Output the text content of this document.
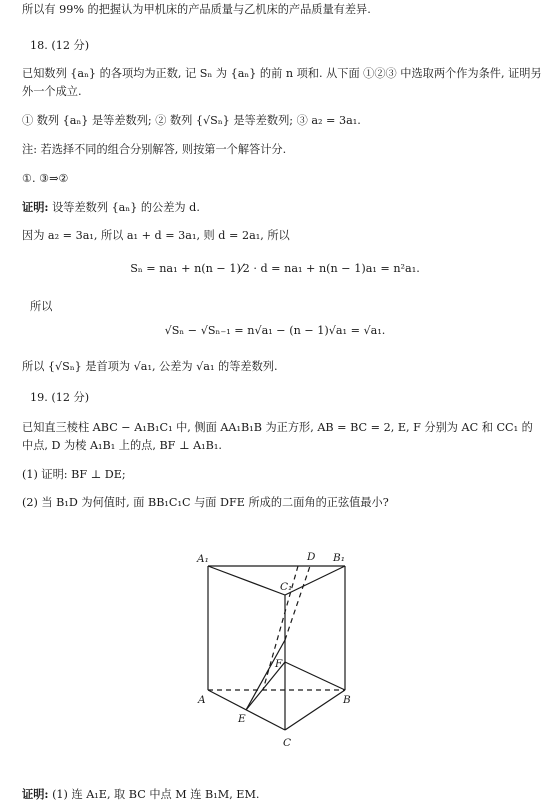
所以有 99% 的把握认为甲机床的产品质量与乙机床的产品质量有差异.
18. (12 分)
已知数列 {aₙ} 的各项均为正数, 记 Sₙ 为 {aₙ} 的前 n 项和. 从下面 ①②③ 中选取两个作为条件, 证明另
外一个成立.
① 数列 {aₙ} 是等差数列; ② 数列 {√Sₙ} 是等差数列; ③ a₂ = 3a₁.
注: 若选择不同的组合分别解答, 则按第一个解答计分.
①. ③⇒②
证明: 设等差数列 {aₙ} 的公差为 d.
因为 a₂ = 3a₁, 所以 a₁ + d = 3a₁, 则 d = 2a₁, 所以
Sₙ = na₁ + n(n − 1)⁄2 · d = na₁ + n(n − 1)a₁ = n²a₁.
所以
√Sₙ − √Sₙ₋₁ = n√a₁ − (n − 1)√a₁ = √a₁.
所以 {√Sₙ} 是首项为 √a₁, 公差为 √a₁ 的等差数列.
19. (12 分)
已知直三棱柱 ABC − A₁B₁C₁ 中, 侧面 AA₁B₁B 为正方形, AB = BC = 2, E, F 分别为 AC 和 CC₁ 的
中点, D 为棱 A₁B₁ 上的点, BF ⊥ A₁B₁.
(1) 证明: BF ⊥ DE;
(2) 当 B₁D 为何值时, 面 BB₁C₁C 与面 DFE 所成的二面角的正弦值最小?
A₁	D B₁
C₁
F
A	B
E
C
证明: (1) 连 A₁E, 取 BC 中点 M 连 B₁M, EM.
